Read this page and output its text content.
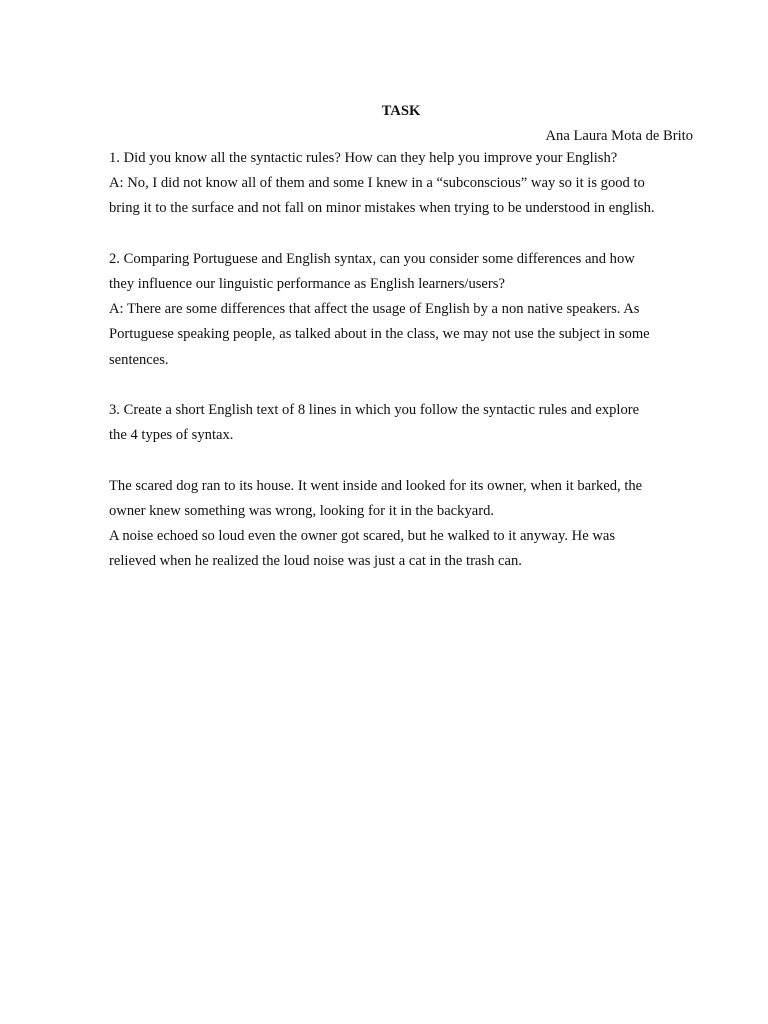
TASK

Ana Laura Mota de Brito

1. Did you know all the syntactic rules? How can they help you improve your English?

A: No, I did not know all of them and some I knew in a “subconscious” way so it is good to

bring it to the surface and not fall on minor mistakes when trying to be understood in english.

2. Comparing Portuguese and English syntax, can you consider some differences and how

they influence our linguistic performance as English learners/users?

A: There are some differences that affect the usage of English by a non native speakers. As

Portuguese speaking people, as talked about in the class, we may not use the subject in some

sentences.

3. Create a short English text of 8 lines in which you follow the syntactic rules and explore

the 4 types of syntax.

The scared dog ran to its house. It went inside and looked for its owner, when it barked, the

owner knew something was wrong, looking for it in the backyard.

A noise echoed so loud even the owner got scared, but he walked to it anyway. He was

relieved when he realized the loud noise was just a cat in the trash can.
